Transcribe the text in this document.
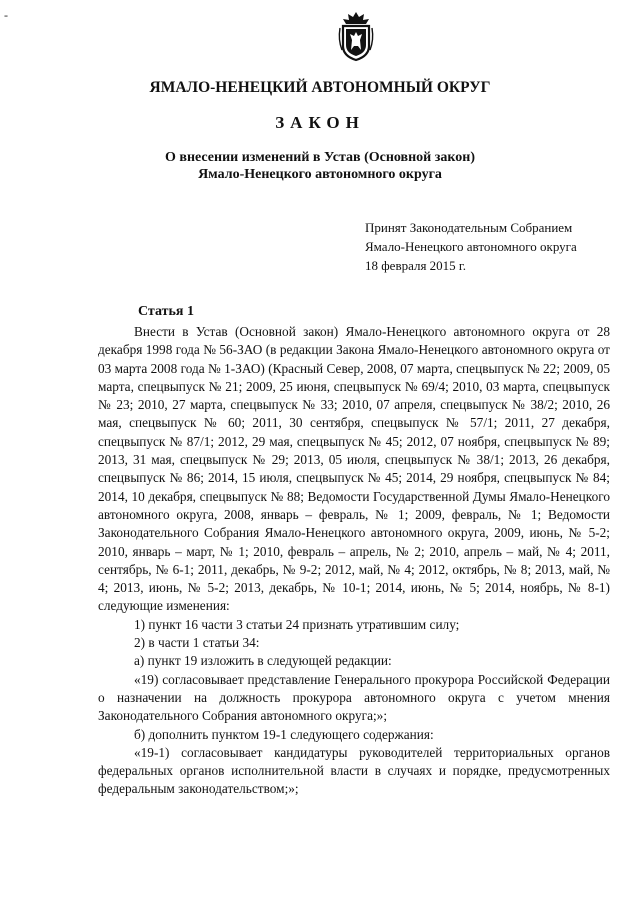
-
ЯМАЛО-НЕНЕЦКИЙ АВТОНОМНЫЙ ОКРУГ
ЗАКОН
О внесении изменений в Устав (Основной закон)
Ямало-Ненецкого автономного округа
Принят Законодательным Собранием
Ямало-Ненецкого автономного округа
18 февраля 2015 г.
Статья 1

Внести в Устав (Основной закон) Ямало-Ненецкого автономного округа от 28 декабря 1998 года № 56-ЗАО (в редакции Закона Ямало-Ненецкого автономного округа от 03 марта 2008 года № 1-ЗАО) (Красный Север, 2008, 07 марта, спецвыпуск № 22; 2009, 05 марта, спецвыпуск № 21; 2009, 25 июня, спецвыпуск № 69/4; 2010, 03 марта, спецвыпуск № 23; 2010, 27 марта, спецвыпуск № 33; 2010, 07 апреля, спецвыпуск № 38/2; 2010, 26 мая, спецвыпуск № 60; 2011, 30 сентября, спецвыпуск № 57/1; 2011, 27 декабря, спецвыпуск № 87/1; 2012, 29 мая, спецвыпуск № 45; 2012, 07 ноября, спецвыпуск № 89; 2013, 31 мая, спецвыпуск № 29; 2013, 05 июля, спецвыпуск № 38/1; 2013, 26 декабря, спецвыпуск № 86; 2014, 15 июля, спецвыпуск № 45; 2014, 29 ноября, спецвыпуск № 84; 2014, 10 декабря, спецвыпуск № 88; Ведомости Государственной Думы Ямало-Ненецкого автономного округа, 2008, январь – февраль, № 1; 2009, февраль, № 1; Ведомости Законодательного Собрания Ямало-Ненецкого автономного округа, 2009, июнь, № 5-2; 2010, январь – март, № 1; 2010, февраль – апрель, № 2; 2010, апрель – май, № 4; 2011, сентябрь, № 6-1; 2011, декабрь, № 9-2; 2012, май, № 4; 2012, октябрь, № 8; 2013, май, № 4; 2013, июнь, № 5-2; 2013, декабрь, № 10-1; 2014, июнь, № 5; 2014, ноябрь, № 8-1) следующие изменения:

1) пункт 16 части 3 статьи 24 признать утратившим силу;

2) в части 1 статьи 34:

а) пункт 19 изложить в следующей редакции:

«19) согласовывает представление Генерального прокурора Российской Федерации о назначении на должность прокурора автономного округа с учетом мнения Законодательного Собрания автономного округа;»;

б) дополнить пунктом 19-1 следующего содержания:

«19-1) согласовывает кандидатуры руководителей территориальных органов федеральных органов исполнительной власти в случаях и порядке, предусмотренных федеральным законодательством;»;
